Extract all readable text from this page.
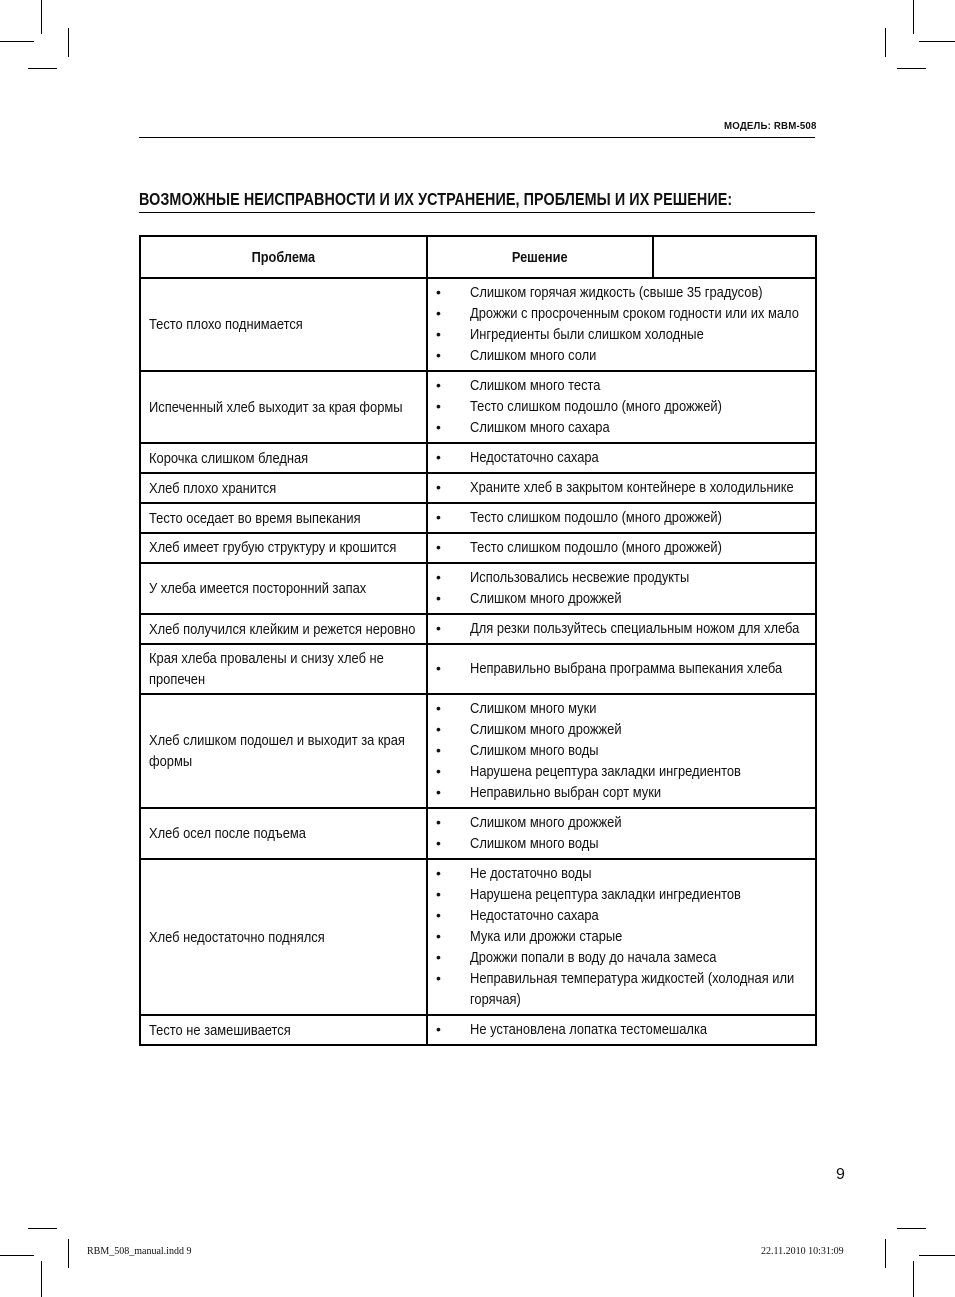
МОДЕЛЬ: RBM-508
ВОЗМОЖНЫЕ НЕИСПРАВНОСТИ И ИХ УСТРАНЕНИЕ, ПРОБЛЕМЫ И ИХ РЕШЕНИЕ:
Проблема	Решение	

Тесто плохо поднимается

• Слишком горячая жидкость (свыше 35 градусов)
• Дрожжи с просроченным сроком годности или их мало
• Ингредиенты были слишком холодные
• Слишком много соли

Испеченный хлеб выходит за края формы

• Слишком много теста
• Тесто слишком подошло (много дрожжей)
• Слишком много сахара

Корочка слишком бледная	• Недостаточно сахара

Хлеб плохо хранится	• Храните хлеб в закрытом контейнере в холодильнике

Тесто оседает во время выпекания	• Тесто слишком подошло (много дрожжей)

Хлеб имеет грубую структуру и крошится	• Тесто слишком подошло (много дрожжей)

У хлеба имеется посторонний запах

• Использовались несвежие продукты
• Слишком много дрожжей

Хлеб получился клейким и режется неровно	• Для резки пользуйтесь специальным ножом для хлеба

Края хлеба провалены и снизу хлеб не пропечен

• Неправильно выбрана программа выпекания хлеба

Хлеб слишком подошел и выходит за края формы

• Слишком много муки
• Слишком много дрожжей
• Слишком много воды
• Нарушена рецептура закладки ингредиентов
• Неправильно выбран сорт муки

Хлеб осел после подъема

• Слишком много дрожжей
• Слишком много воды

Хлеб недостаточно поднялся

• Не достаточно воды
• Нарушена рецептура закладки ингредиентов
• Недостаточно сахара
• Мука или дрожжи старые
• Дрожжи попали в воду до начала замеса
• Неправильная температура жидкостей (холодная или горячая)

Тесто не замешивается	• Не установлена лопатка тестомешалка
9
RBM_508_manual.indd 9	22.11.2010 10:31:09
